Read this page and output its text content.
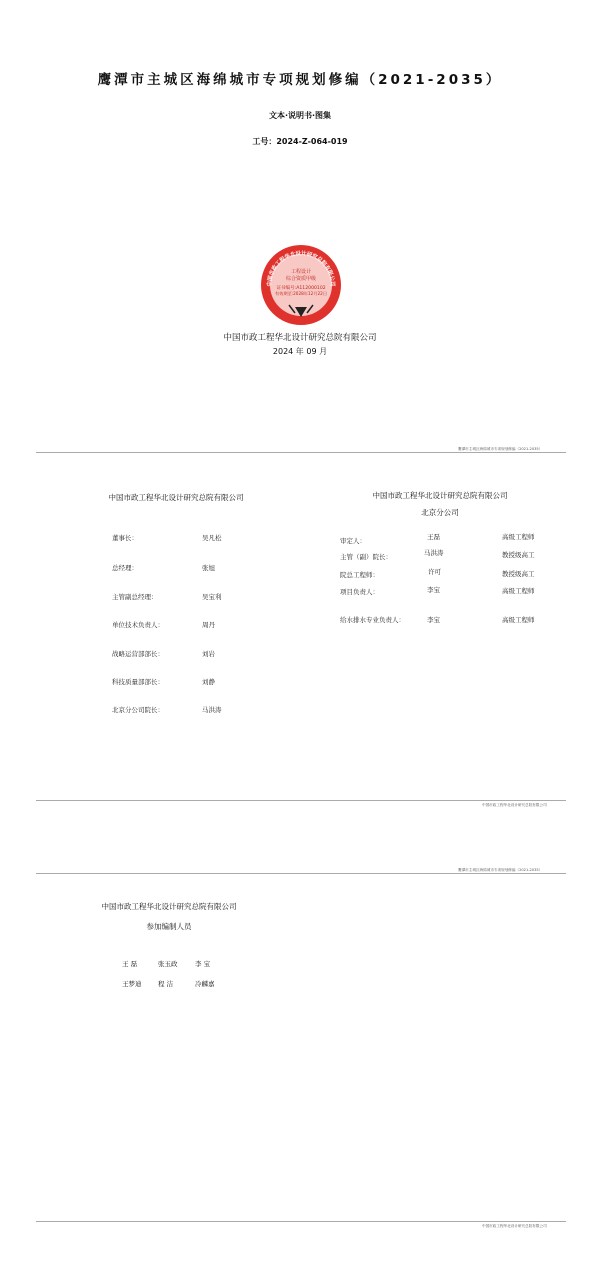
鹰潭市主城区海绵城市专项规划修编（2021-2035）
文本·说明书·图集
工号：2024-Z-064-019
中国市政工程华北设计研究总院有限公司
工程设计
综合资质甲级
证书编号:A112000102
有效期至:2028年12月22日
中国市政工程华北设计研究总院有限公司
2024 年 09 月
鹰潭市主城区海绵城市专项规划修编（2021-2035）
中国市政工程华北设计研究总院有限公司
董事长：	吴凡松
总经理：	张旭
主管副总经理：	吴宝利
单位技术负责人：	周丹
战略运营部部长：	刘岩
科技质量部部长：	刘静
北京分公司院长：	马洪涛
中国市政工程华北设计研究总院有限公司
北京分公司
审定人：	王磊	高级工程师
主管（副）院长：	马洪涛	教授级高工
院总工程师：	许可	教授级高工
项目负责人：	李宝	高级工程师
给水排水专业负责人：	李宝	高级工程师
中国市政工程华北设计研究总院有限公司
鹰潭市主城区海绵城市专项规划修编（2021-2035）
中国市政工程华北设计研究总院有限公司
参加编制人员
王 磊	张玉政	李 宝
王梦迪	程 洁	冷麟嘉
中国市政工程华北设计研究总院有限公司
